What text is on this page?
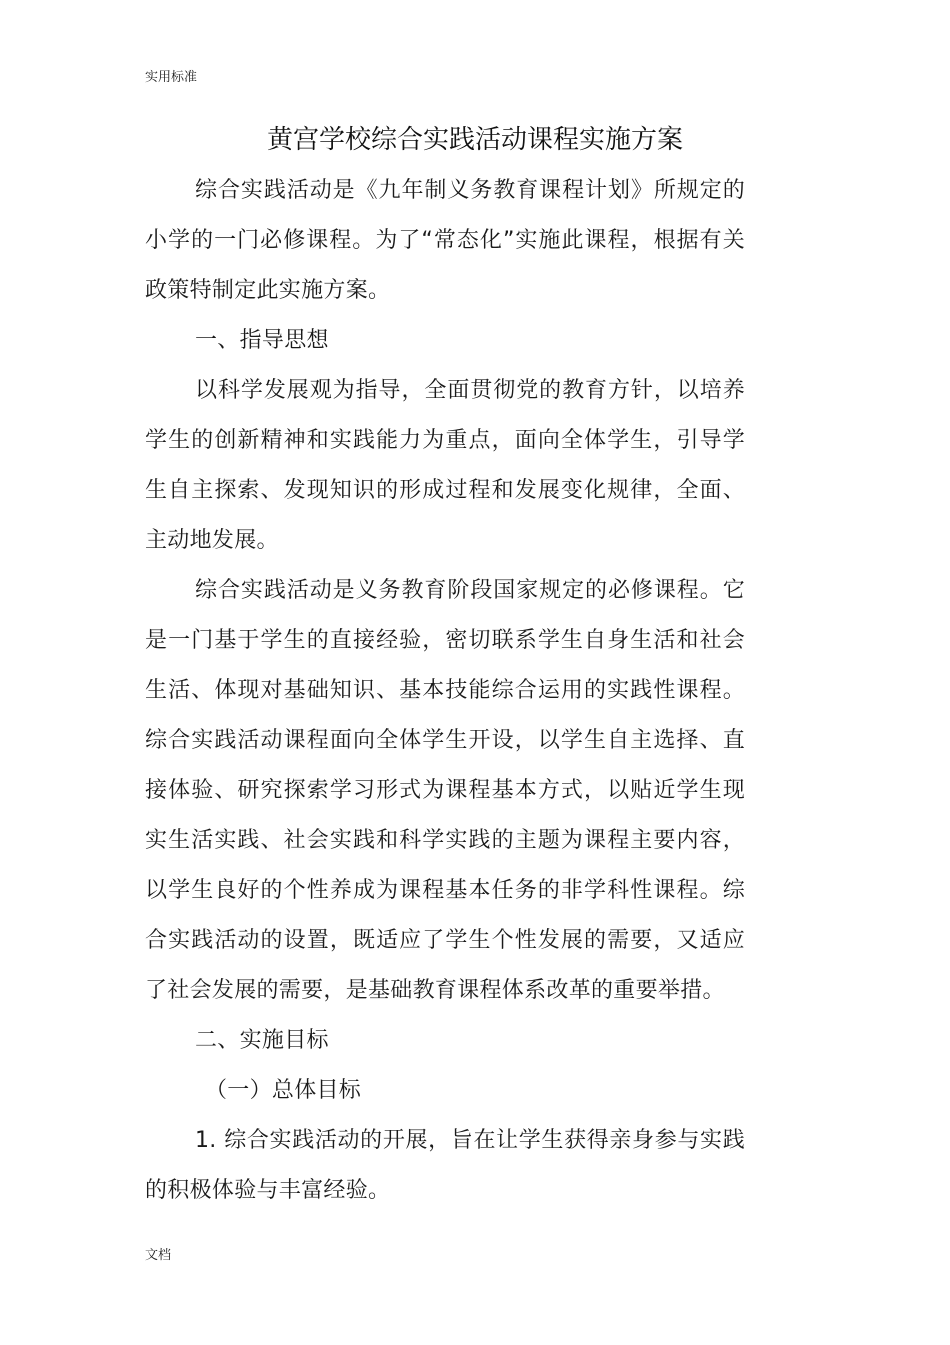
实用标准
黄宫学校综合实践活动课程实施方案

综合实践活动是《九年制义务教育课程计划》所规定的小学的一门必修课程。为了“常态化”实施此课程，根据有关政策特制定此实施方案。

一、指导思想

以科学发展观为指导，全面贯彻党的教育方针，以培养学生的创新精神和实践能力为重点，面向全体学生，引导学生自主探索、发现知识的形成过程和发展变化规律，全面、主动地发展。

综合实践活动是义务教育阶段国家规定的必修课程。它是一门基于学生的直接经验，密切联系学生自身生活和社会生活、体现对基础知识、基本技能综合运用的实践性课程。综合实践活动课程面向全体学生开设，以学生自主选择、直接体验、研究探索学习形式为课程基本方式，以贴近学生现实生活实践、社会实践和科学实践的主题为课程主要内容，以学生良好的个性养成为课程基本任务的非学科性课程。综合实践活动的设置，既适应了学生个性发展的需要，又适应了社会发展的需要，是基础教育课程体系改革的重要举措。

二、实施目标

（一）总体目标

1. 综合实践活动的开展，旨在让学生获得亲身参与实践的积极体验与丰富经验。

文档
